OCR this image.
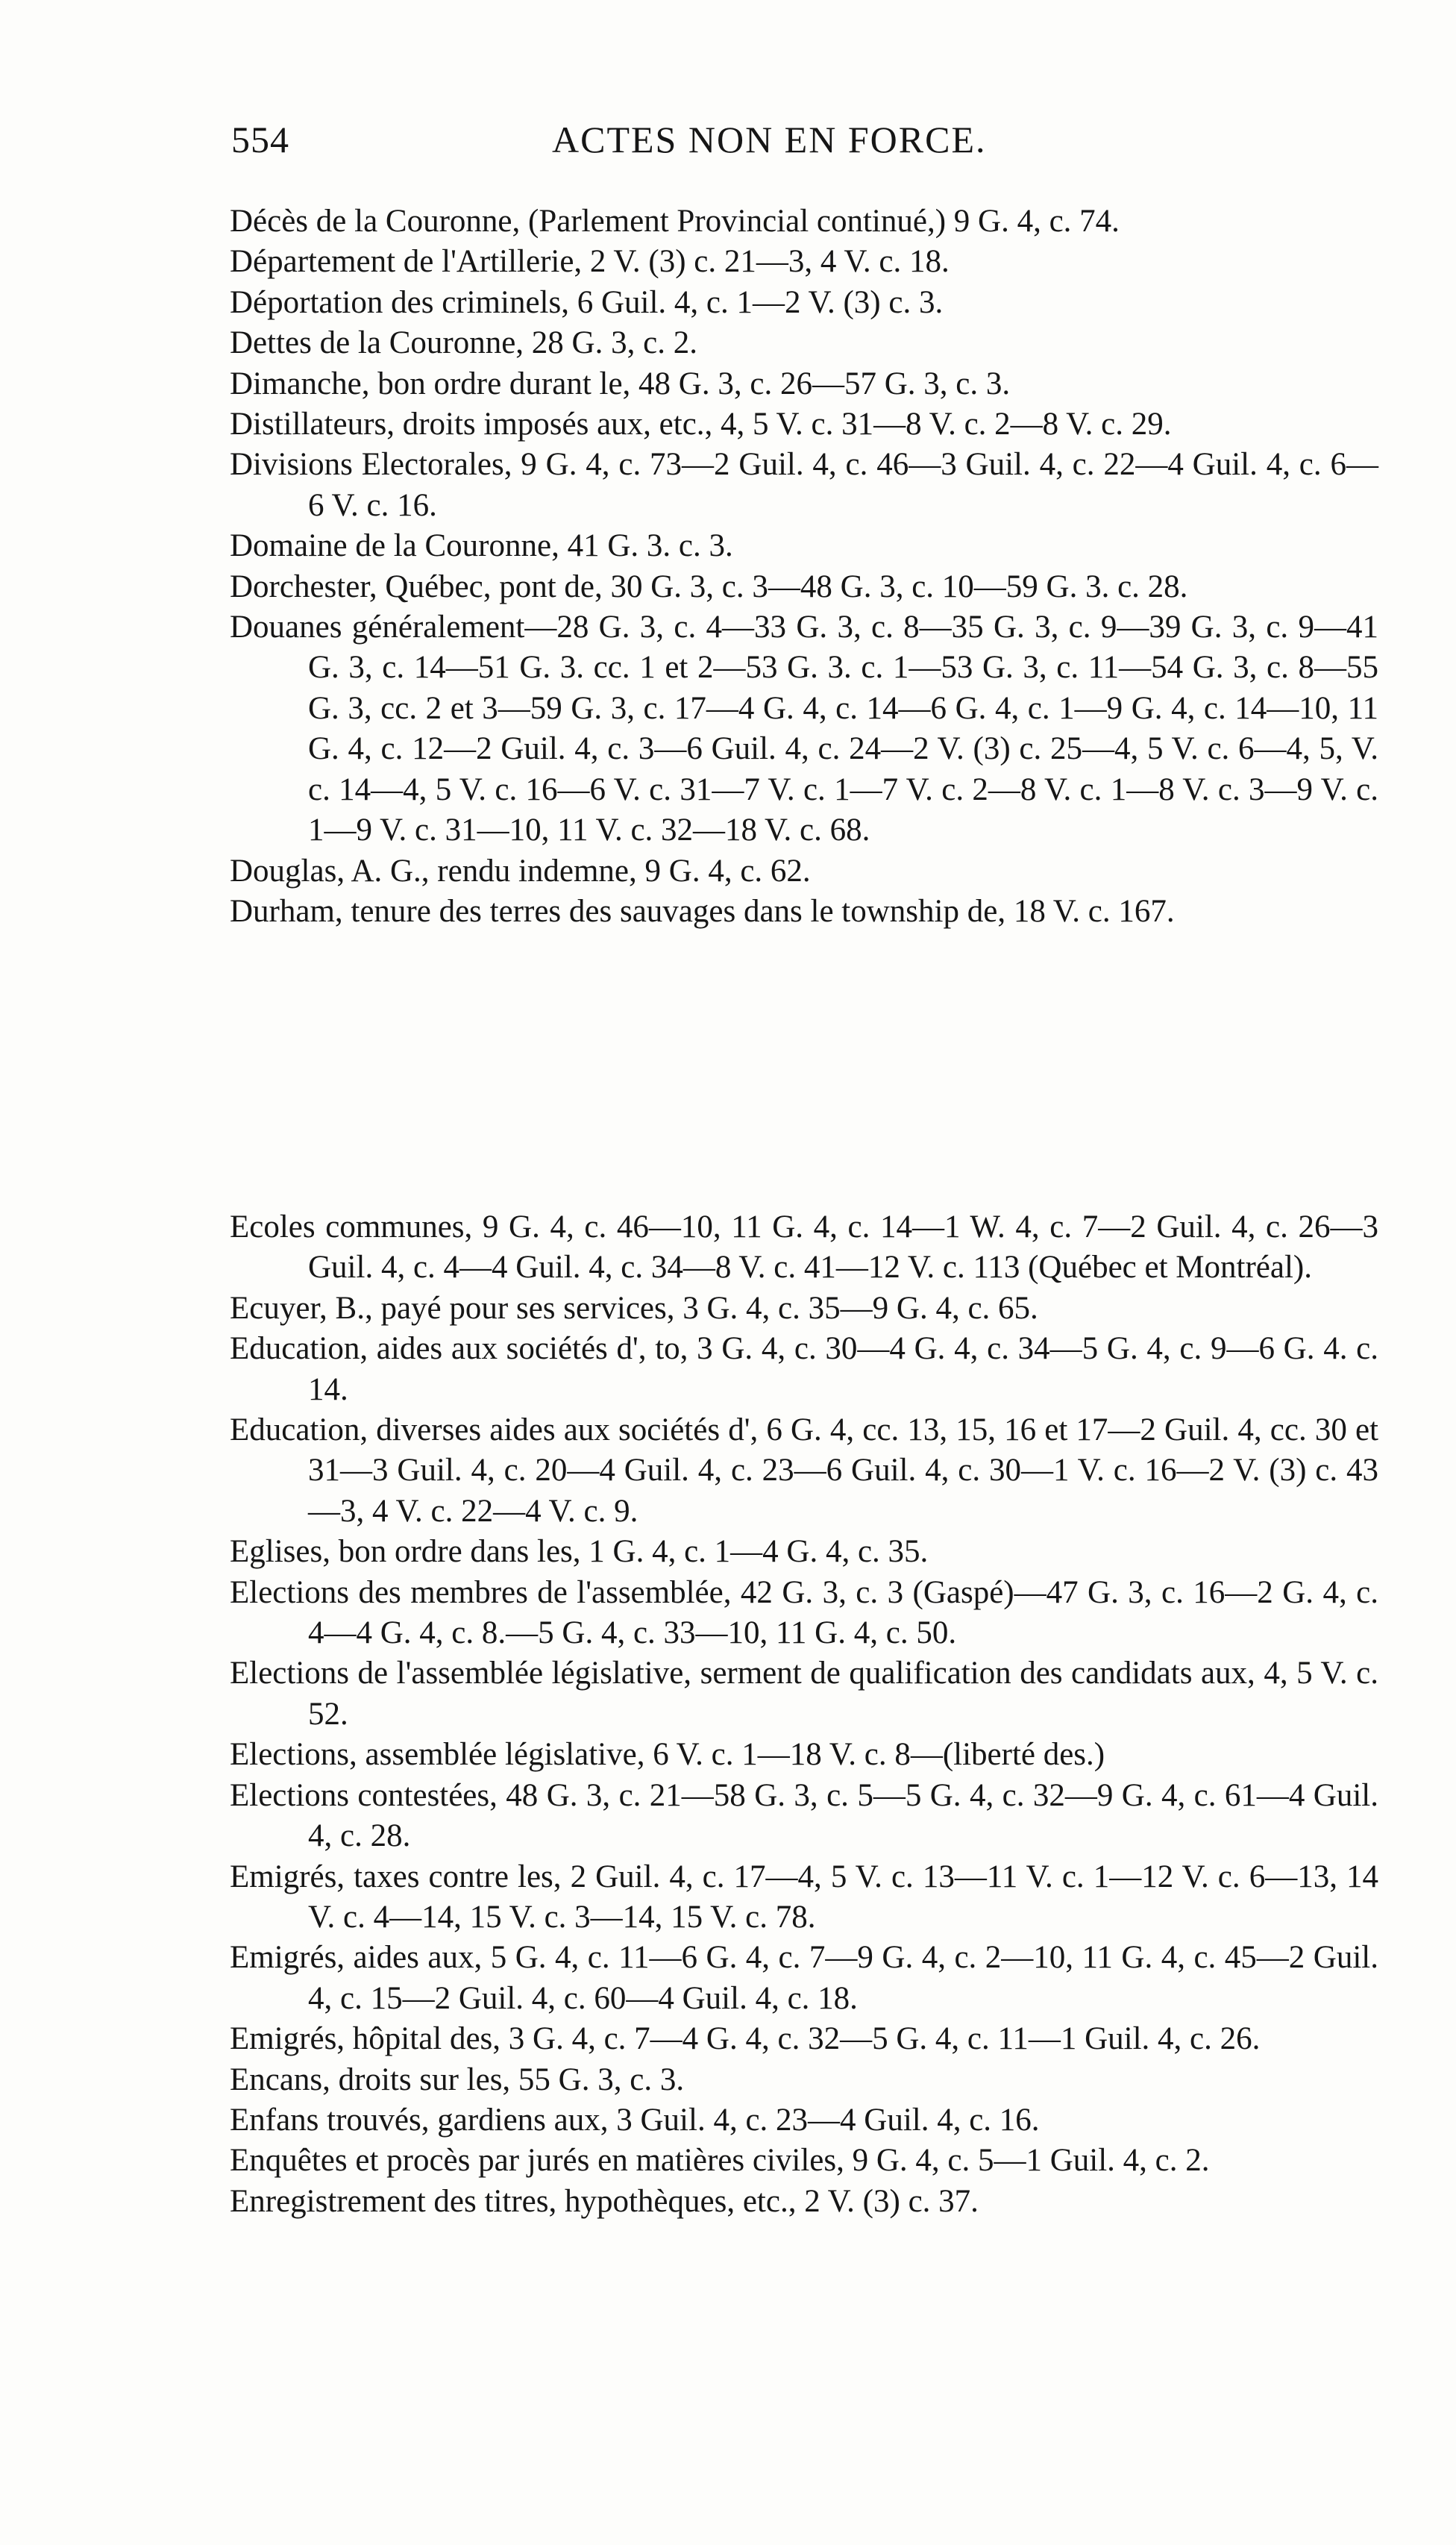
554	ACTES NON EN FORCE.

Décès de la Couronne, (Parlement Provincial continué,) 9 G. 4, c. 74.

Département de l'Artillerie, 2 V. (3) c. 21—3, 4 V. c. 18.

Déportation des criminels, 6 Guil. 4, c. 1—2 V. (3) c. 3.

Dettes de la Couronne, 28 G. 3, c. 2.

Dimanche, bon ordre durant le, 48 G. 3, c. 26—57 G. 3, c. 3.

Distillateurs, droits imposés aux, etc., 4, 5 V. c. 31—8 V. c. 2—8 V. c. 29.

Divisions Electorales, 9 G. 4, c. 73—2 Guil. 4, c. 46—3 Guil. 4, c. 22—4 Guil. 4, c. 6—6 V. c. 16.

Domaine de la Couronne, 41 G. 3. c. 3.

Dorchester, Québec, pont de, 30 G. 3, c. 3—48 G. 3, c. 10—59 G. 3. c. 28.

Douanes généralement—28 G. 3, c. 4—33 G. 3, c. 8—35 G. 3, c. 9—39 G. 3, c. 9—41 G. 3, c. 14—51 G. 3. cc. 1 et 2—53 G. 3. c. 1—53 G. 3, c. 11—54 G. 3, c. 8—55 G. 3, cc. 2 et 3—59 G. 3, c. 17—4 G. 4, c. 14—6 G. 4, c. 1—9 G. 4, c. 14—10, 11 G. 4, c. 12—2 Guil. 4, c. 3—6 Guil. 4, c. 24—2 V. (3) c. 25—4, 5 V. c. 6—4, 5, V. c. 14—4, 5 V. c. 16—6 V. c. 31—7 V. c. 1—7 V. c. 2—8 V. c. 1—8 V. c. 3—9 V. c. 1—9 V. c. 31—10, 11 V. c. 32—18 V. c. 68.

Douglas, A. G., rendu indemne, 9 G. 4, c. 62.

Durham, tenure des terres des sauvages dans le township de, 18 V. c. 167.

Ecoles communes, 9 G. 4, c. 46—10, 11 G. 4, c. 14—1 W. 4, c. 7—2 Guil. 4, c. 26—3 Guil. 4, c. 4—4 Guil. 4, c. 34—8 V. c. 41—12 V. c. 113 (Québec et Montréal).

Ecuyer, B., payé pour ses services, 3 G. 4, c. 35—9 G. 4, c. 65.

Education, aides aux sociétés d', to, 3 G. 4, c. 30—4 G. 4, c. 34—5 G. 4, c. 9—6 G. 4. c. 14.

Education, diverses aides aux sociétés d', 6 G. 4, cc. 13, 15, 16 et 17—2 Guil. 4, cc. 30 et 31—3 Guil. 4, c. 20—4 Guil. 4, c. 23—6 Guil. 4, c. 30—1 V. c. 16—2 V. (3) c. 43—3, 4 V. c. 22—4 V. c. 9.

Eglises, bon ordre dans les, 1 G. 4, c. 1—4 G. 4, c. 35.

Elections des membres de l'assemblée, 42 G. 3, c. 3 (Gaspé)—47 G. 3, c. 16—2 G. 4, c. 4—4 G. 4, c. 8.—5 G. 4, c. 33—10, 11 G. 4, c. 50.

Elections de l'assemblée législative, serment de qualification des candidats aux, 4, 5 V. c. 52.

Elections, assemblée législative, 6 V. c. 1—18 V. c. 8—(liberté des.)

Elections contestées, 48 G. 3, c. 21—58 G. 3, c. 5—5 G. 4, c. 32—9 G. 4, c. 61—4 Guil. 4, c. 28.

Emigrés, taxes contre les, 2 Guil. 4, c. 17—4, 5 V. c. 13—11 V. c. 1—12 V. c. 6—13, 14 V. c. 4—14, 15 V. c. 3—14, 15 V. c. 78.

Emigrés, aides aux, 5 G. 4, c. 11—6 G. 4, c. 7—9 G. 4, c. 2—10, 11 G. 4, c. 45—2 Guil. 4, c. 15—2 Guil. 4, c. 60—4 Guil. 4, c. 18.

Emigrés, hôpital des, 3 G. 4, c. 7—4 G. 4, c. 32—5 G. 4, c. 11—1 Guil. 4, c. 26.

Encans, droits sur les, 55 G. 3, c. 3.

Enfans trouvés, gardiens aux, 3 Guil. 4, c. 23—4 Guil. 4, c. 16.

Enquêtes et procès par jurés en matières civiles, 9 G. 4, c. 5—1 Guil. 4, c. 2.

Enregistrement des titres, hypothèques, etc., 2 V. (3) c. 37.
